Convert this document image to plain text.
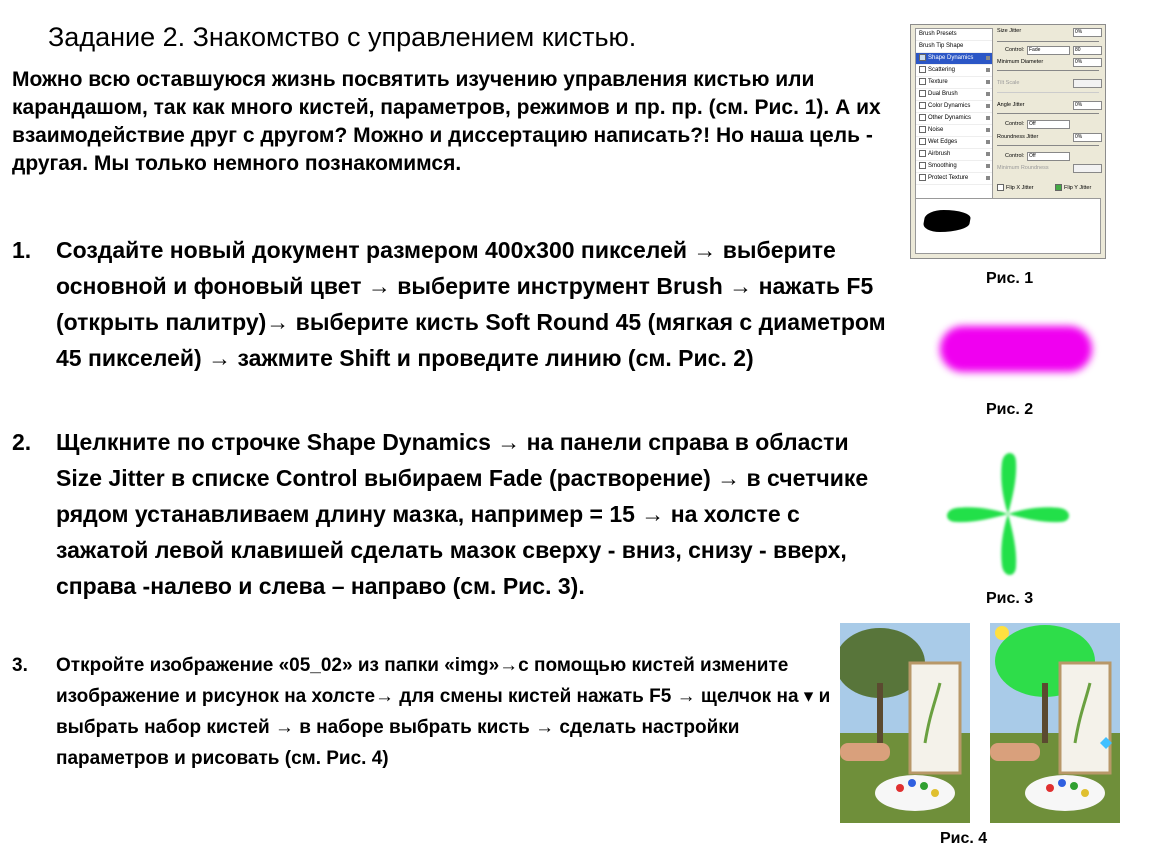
Задание 2. Знакомство с управлением кистью.
Можно всю оставшуюся жизнь посвятить изучению управления кистью или карандашом, так как много кистей, параметров, режимов и пр. пр. (см. Рис. 1). А их взаимодействие друг с другом? Можно и диссертацию написать?! Но наша цель - другая. Мы только немного познакомимся.
1. Создайте новый документ размером 400x300 пикселей → выберите основной и фоновый цвет → выберите инструмент Brush → нажать F5 (открыть палитру)→ выберите кисть Soft Round 45 (мягкая с диаметром 45 пикселей) → зажмите Shift и проведите линию (см. Рис. 2)
2. Щелкните по строчке Shape Dynamics → на панели справа в области Size Jitter в списке Control выбираем Fade (растворение) → в счетчике рядом устанавливаем длину мазка, например = 15 → на холсте с зажатой левой клавишей сделать мазок сверху - вниз, снизу - вверх, справа -налево и слева – направо (см. Рис. 3).
3. Откройте изображение «05_02» из папки «img»→с помощью кистей измените изображение и рисунок на холсте→ для смены кистей нажать F5 → щелчок на ▾ и выбрать набор кистей → в наборе выбрать кисть → сделать настройки параметров и рисовать (см. Рис. 4)
Brush Presets
Brush Tip Shape
Shape Dynamics
Scattering
Texture
Dual Brush
Color Dynamics
Other Dynamics
Noise
Wet Edges
Airbrush
Smoothing
Protect Texture
Size Jitter	0%
Control: Fade	80
Minimum Diameter	0%
Tilt Scale
Angle Jitter	0%
Control: Off
Roundness Jitter	0%
Control: Off
Minimum Roundness
Flip X Jitter	Flip Y Jitter
Рис. 1
Рис. 2
Рис. 3
Рис. 4
